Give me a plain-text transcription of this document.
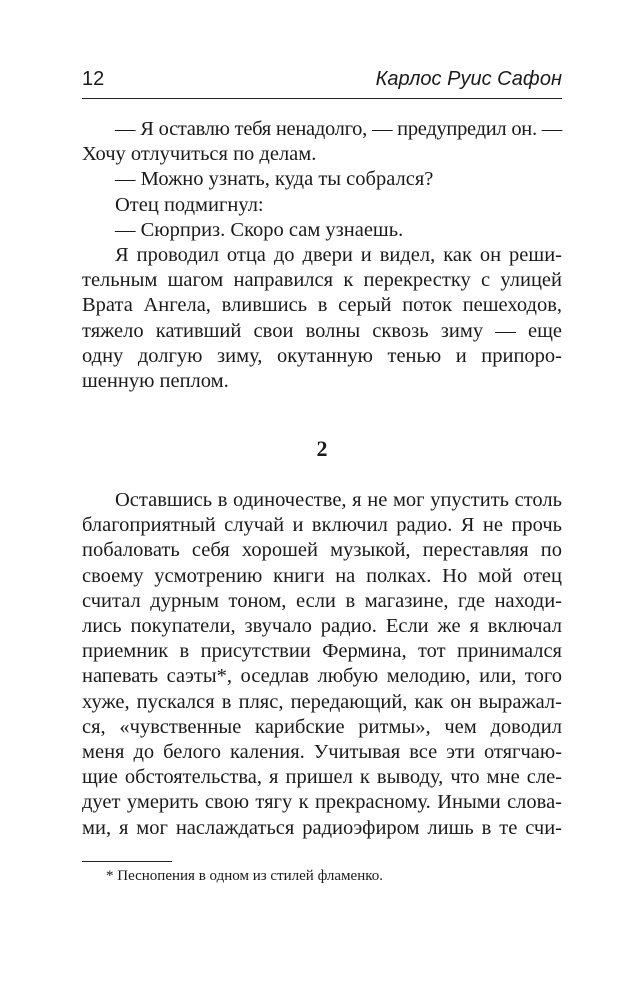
12	Карлос Руис Сафон
— Я оставлю тебя ненадолго, — предупредил он. —
Хочу отлучиться по делам.
— Можно узнать, куда ты собрался?
Отец подмигнул:
— Сюрприз. Скоро сам узнаешь.
Я проводил отца до двери и видел, как он реши-
тельным шагом направился к перекрестку с улицей
Врата Ангела, влившись в серый поток пешеходов,
тяжело кативший свои волны сквозь зиму — еще
одну долгую зиму, окутанную тенью и припоро-
шенную пеплом.
2
Оставшись в одиночестве, я не мог упустить столь
благоприятный случай и включил радио. Я не прочь
побаловать себя хорошей музыкой, переставляя по
своему усмотрению книги на полках. Но мой отец
считал дурным тоном, если в магазине, где находи-
лись покупатели, звучало радио. Если же я включал
приемник в присутствии Фермина, тот принимался
напевать саэты*, оседлав любую мелодию, или, того
хуже, пускался в пляс, передающий, как он выражал-
ся, «чувственные карибские ритмы», чем доводил
меня до белого каления. Учитывая все эти отягчаю-
щие обстоятельства, я пришел к выводу, что мне сле-
дует умерить свою тягу к прекрасному. Иными слова-
ми, я мог наслаждаться радиоэфиром лишь в те счи-
* Песнопения в одном из стилей фламенко.
